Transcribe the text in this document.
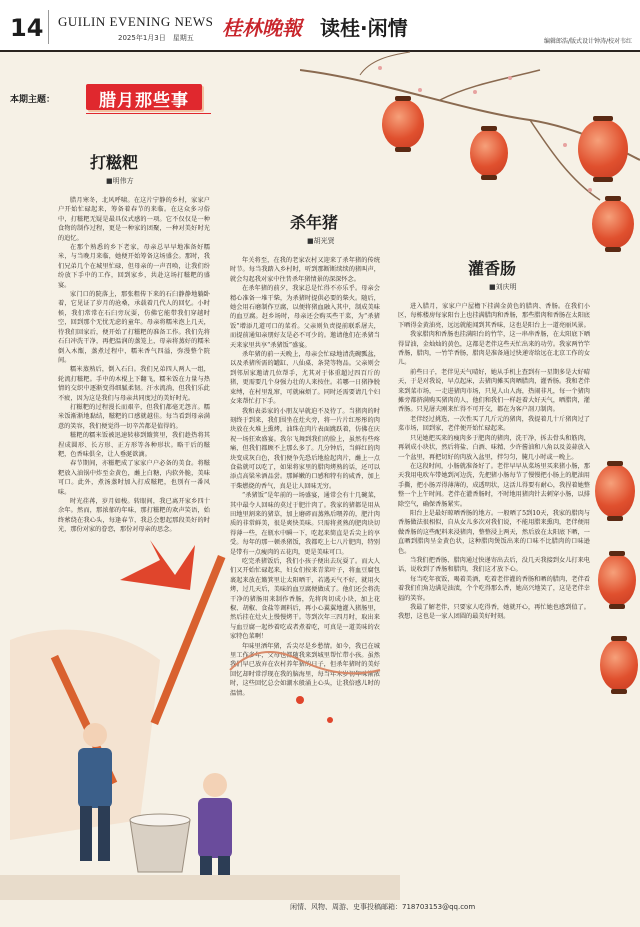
14 GUILIN EVENING NEWS
2025年1月3日　星期五 桂林晚報 读桂·闲情
编辑郎浩/版式设计钟涛/校对韦红
本期主题：	腊月那些事
打糍粑
■明伟方

腊月寒冬，北风呼啸。在这片宁静的乡村，家家户户开始忙碌起来，筹备着春节的来临。在这众多习俗中，打糍粑无疑是最具仪式感的一项。它不仅仅是一种食物的制作过程，更是一种家的团聚，一种对美好时光的追忆。

在那个熟悉的乡下老家，母亲总早早地准备好糯米，与当晚月来临，她便开始筹备这场盛会。那时，我们兄弟几个在城里忙碌，但母亲的一声召唤，让我们纷纷放下手中的工作，回到家乡，共赴这场打糍粑的盛宴。

家门口的院落上，那张粗传下来的石臼静静地躺卧着，它见证了岁月的沧桑，承载着几代人的回忆。小时候，我们常常在石臼旁玩耍，仿佛它能带我们穿越时空，回到那个无忧无虑的童年。母亲将糯米泡上几天，待我们回家后，便开始了打糍粑的准备工作。我们先将石臼冲洗干净，再把温润的蒸笼上，母亲将蒸好的糯米倒入木甑，蒸煮过程中，糯米香气四溢，弥漫整个院间。

糯米蒸熟后，倒入石臼。我们兄弟四人两人一组，轮流打糍粑。手中的木棍上下翻飞，糯米饭在力量与热情的交织中逐渐变得细腻柔韧。汗水流淌，但我们乐此不疲，因为这是我们与母亲共同度过的美好时光。

打糍粑的过程漫长而艰辛，但我们都毫无怨言。糯米饭渐渐地黏结，糍粑的口感就越佳。每当看到母亲满意的笑容，我们便觉得一切辛苦都是值得的。

糍粑的糯米饭被迅速转移到簸箕里，我们趁热将其捏成圆形、长方形、正方形等各种形状。略干后的糍粑，色香味俱全，让人垂涎欲滴。

春节期间，亦糍粑成了家家户户必备的美食。将糍粑放入油锅中炸至金黄色，蘸上白糖，内软外脆，美味可口。此外，煮汤蒸时加入打成糍粑，也别有一番风味。

时光荏苒，岁月如梭。转眼间，我已离开家乡四十余年。然而，那浓郁的年味，那打糍粑的欢声笑语，始终萦绕在我心头，每逢春节，我总会想起那段美好的时光，那份对家的眷恋，那份对母亲的思念。

杀年猪
■胡光贤

年关将至，在我的老家农村又迎来了杀年猪的传统时节。每当我踏入乡村时，听到那断断续续的猪叫声，就会勾起我对家中往昔杀年猪情景的深深怀念。

在杀年猪的前夕，我家总是忙得不亦乐乎。母亲会精心准备一堆干柴，为杀猪时提供必要的柴火。随后，她会用石磨制作豆腐，以便将猪血融入其中，制成美味的血豆腐。赶乡场时，母亲还会购买些干菜，为“杀猪饭”增添几道可口的菜肴。父亲则负责提前联系屠夫，而提前通知亲朋好友是必不可少的。邀请他们在杀猪当天来家里共享“杀猪饭”盛宴。

杀年猪的前一天晚上，母亲会忙碌地清洗碗瓢盆，以及杀猪所需的罐缸、八仙桌、条凳等物品。父亲则会到邻居家邀请几位帮手，尤其对于体重超过四百斤的猪，更需要几个身强力壮的人来按住。若哪一日猪挣脱束缚，在村里乱窜，可就麻烦了。同时还需要请几个妇女来帮忙打下手。

我和表弟家的小朋友早就迫不及待了。当猪肉的时刻终于到来，我们围坐在灶火旁，将一片片红彤彤的肉块放在火堆上熏烤，油珠在肉片表面跳跃着，仿佛在庆祝一场狂欢盛宴。我尔飞舞到我们的脸上，虽然有些疼痛，但我们都顾不上那么多了。几分钟后，当鲜红的肉块变成灰白色，我们便争先恐后地捡起肉片，蘸上一点食盐就可以吃了，如果将家里的腊肉烤熟的话，还可以添点高粱米酒品尝。那鲜嫩的口感和特有的咸香，加上干柴燃烧的香气，真是让人回味无穷。

“杀猪饭”是年前的一场盛宴，通常会有十几碗菜，其中最令人回味的莫过于肥汁肉了。我家的猪都是用从田地里割来的猪草，加上磨碎而蒸熟后喂养的，肥汁肉质的非常鲜美，很是爽快美味。只需将煮熟的肥肉块切得薄一些，在瓶水中瞬一下，吃起来简直是舌尖上的享受。每年的那一顿杀猪饭，我都吃上七八片肥肉，特别是带有一点瘦肉的五花肉，更是美味可口。

吃完杀猪饭后，我们小孩子便出去玩耍了。而大人们又开始忙碌起来，妇女们按来青菜叶子，将血豆腐包裹起来放在簸箕里让太阳晒干，若遇天气不好，就用火烤，过几天后，美味的血豆腐便做成了。他们还会将洗干净的猪肠用来制作香肠，先将肉切成小块，加上花椒、胡椒、食盐等调料后，再小心翼翼地灌入猪肠里，然后挂在灶火上慢慢烤干。等到次年三四月时，取出来与血豆腐一起炒着吃或者煮着吃，可真是一道美味的农家特色菜啊！

年味里洒年猪，舌尖尽是乡愁情。如今，我已在城里工作多年，父母也都随我来到城里帮忙带小孩。虽然我们早已放弃在农村养年猪的日子，但杀年猪时的美好回忆却时常浮现在我的脑海里，每当年末岁初年味渐浓时，这些回忆总会如潮水般涌上心头，让我倍感儿时的温情。

灌香肠
■刘庆明

进入腊月，家家户户屋檐下挂满金黄色的腊肉、香肠。在我们小区，每栋楼房每家阳台上也挂满腊肉和香肠，那些腊肉和香肠在太阳底下晒得金黄油亮，远远就能闻到其香味，这也是阳台上一道亮丽风景。

我家腊肉和香肠也挂满阳台的竹竿，这一串串香肠，在太阳底下晒得冒油，金灿灿的黄色，这都是老伴这些天忙出来的功劳。我家两竹竿香肠，腊肉，一竹竿香肠，腊肉是准备通过快递寄给远在北京工作的女儿。

前些日子，老伴见天气晴好，她从手机上查到有一星期多是大好晴天，于是对我说，早点起床，去猪肉摊买肉晒腊肉，灌香肠。我和老伴来到菜市场，一走进猪肉市场，只见人山人海，热闹非凡，每一个猪肉摊旁都挤满购买猪肉的人，他们和我们一样赶着大好天气，晒腊肉，灌香肠。只见屠夫刚来忙得不可开交，都在为客户剖刀制肉。

老伴经过挑选，一次性买了几斤元的猪肉，我提着几十斤猪肉过了菜市场，回到家，老伴便开始忙碌起来。

只见她把买来的瘦肉多于肥肉的猪肉，洗干净，拆去骨头和筋肉，再剁成小块状，然后将盐、白酒、味精、少许酱油和八角以及姜蒜放入一个盆里，再把切好的肉放入盆里，拌匀匀，腌几小时或一晚上。

在这段时间，小肠就准备好了。老伴早早从菜场里买来猪小肠，那天我用电吹车带她到河边洗，先把猪小肠每节了慢慢把小肠上的肥油用手撕，把小肠弄得薄薄的，成透明状，这活儿得要有耐心，我捏着她整整一个上午时间。老伴在灌香肠时，不时地用猪肉针去刺穿小肠，以排除空气，确保香肠紧实。

阳台上是最好晾晒香肠的地方。一般晒了5到10天，我家的腊肉与香肠做法很相似，自从女儿多次对我们说，不能用腊来熏肉，老伴便用做香肠的这些配料来浸猪肉，整整浸上两天，然后放在太阳底下晒，一直晒到腊肉呈金黄色状，这种腊肉煲饭出来的口味不比腊肉的口味逊色。

当我们把香肠、腊肉通过快递寄出去后，没几天我接到女儿打来电话，说收到了香肠和腊肉，我们这才放下心。

每当吃年夜饭，喝着美酒，吃着老伴灌的香肠和晒的腊肉，老伴看着我们们角边满是油渍，个个吃得那么香，她高兴地笑了，这是老伴幸福的笑容。

我最了解老伴，只要家人吃得香，她就开心，再忙她也感到值了。我想，这也是一家人团圆的最美好时刻。

闲情、风物、周游、史事投稿邮箱：718703153@qq.com
